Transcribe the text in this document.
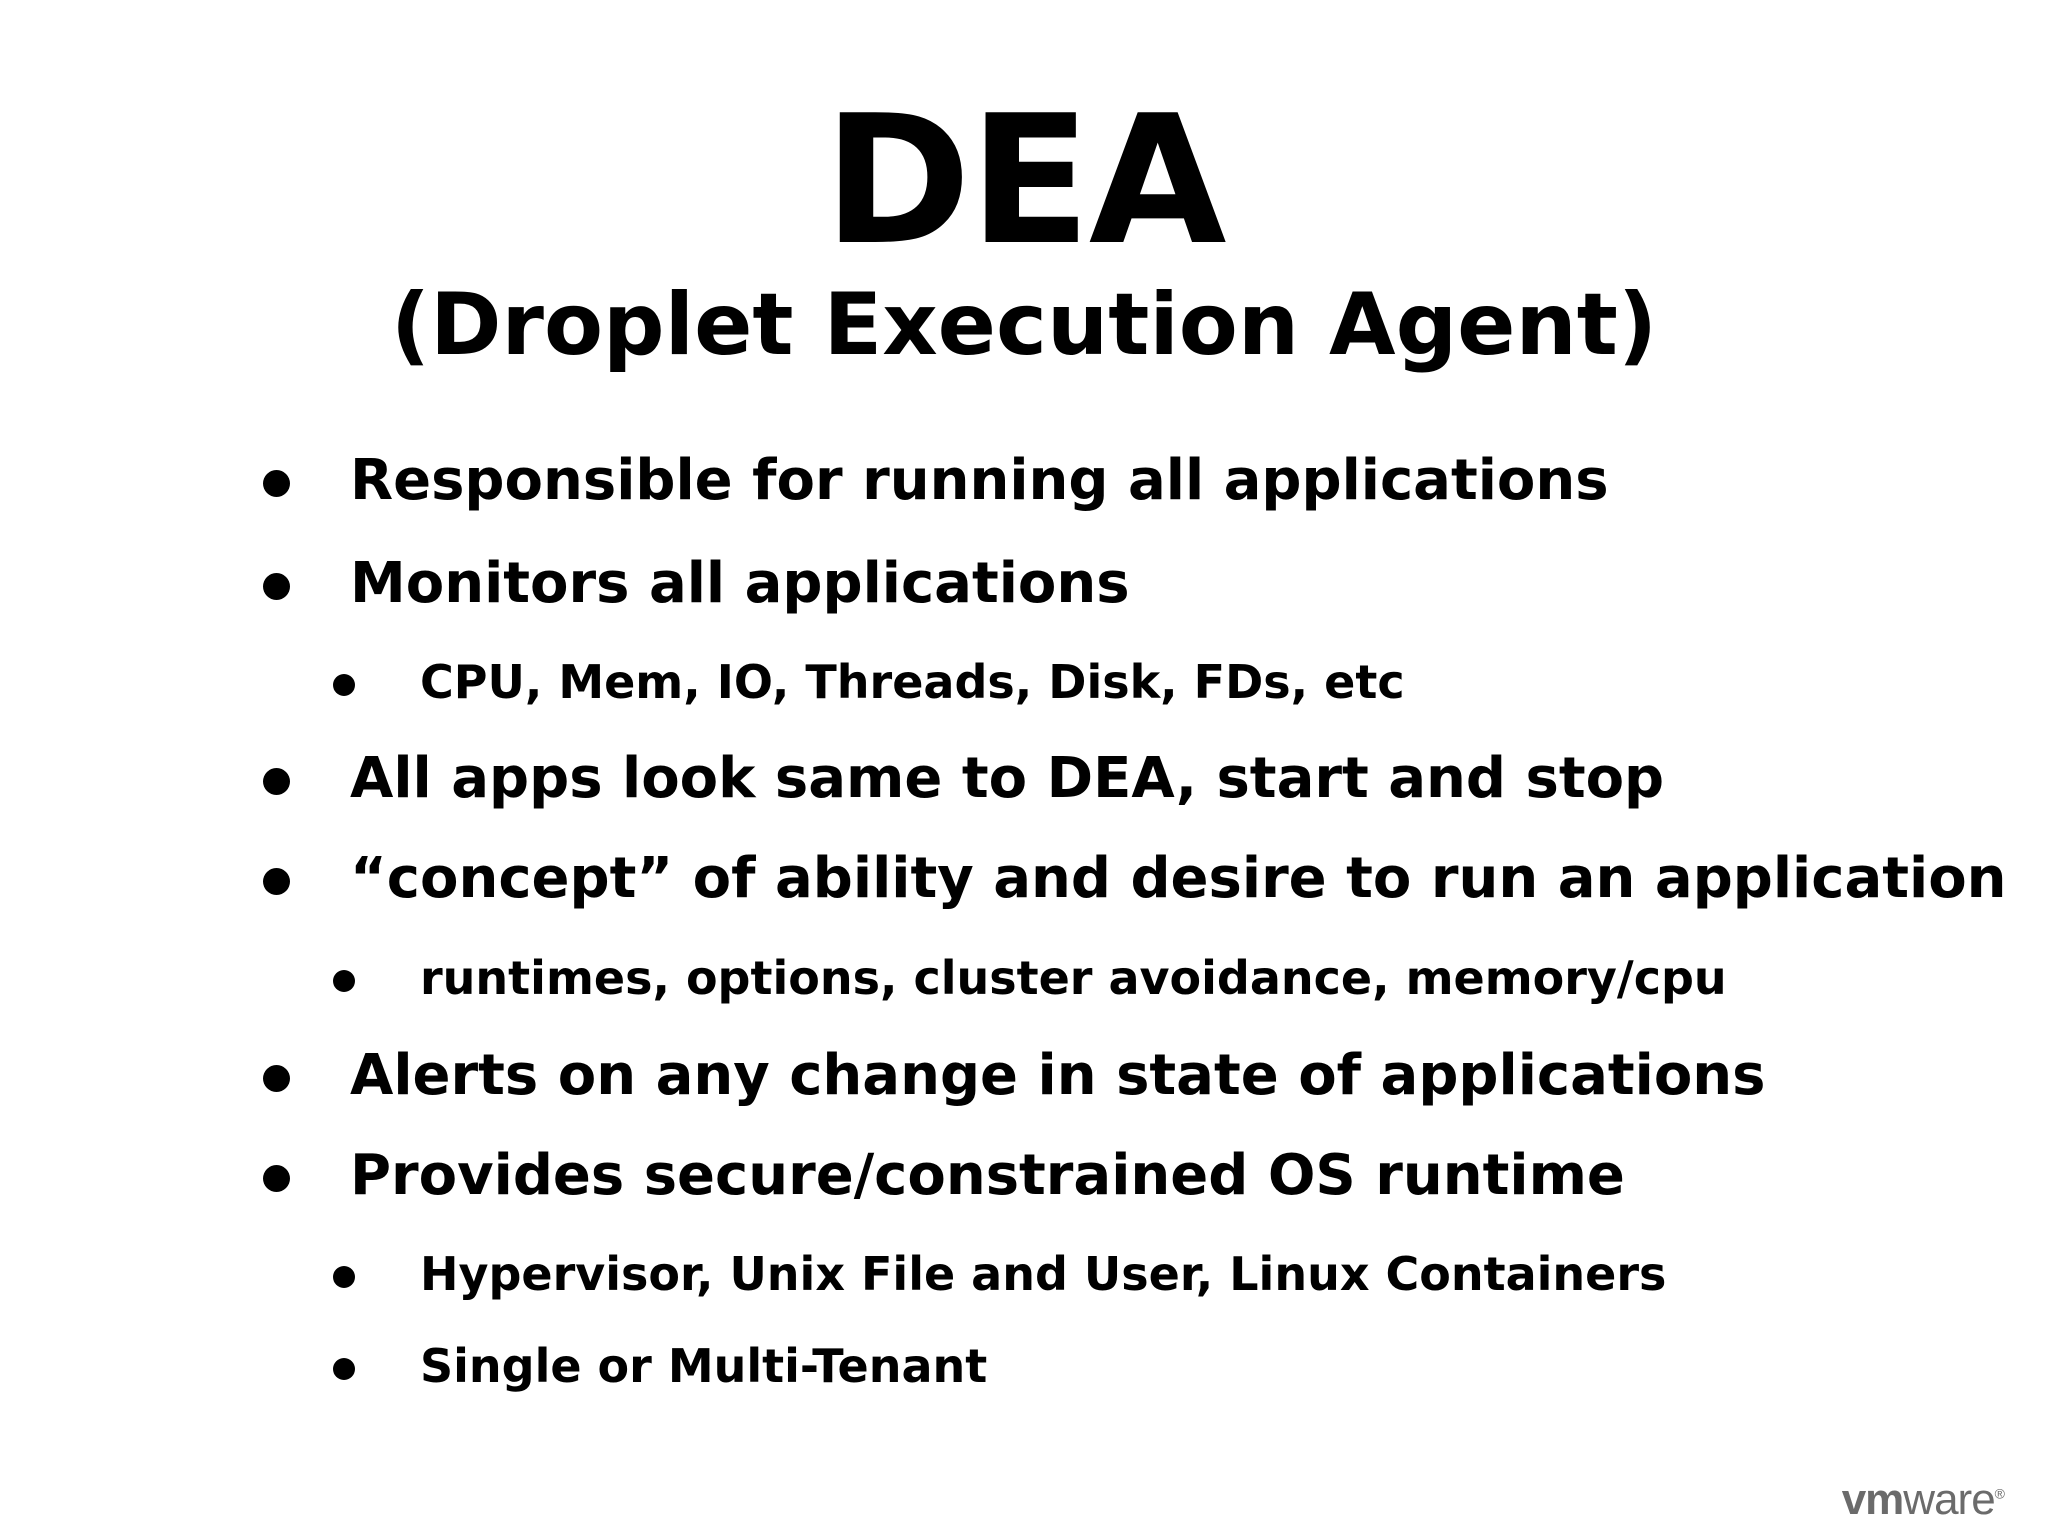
DEA
(Droplet Execution Agent)
Responsible for running all applications
Monitors all applications
CPU, Mem, IO, Threads, Disk, FDs, etc
All apps look same to DEA, start and stop
“concept” of ability and desire to run an application
runtimes, options, cluster avoidance, memory/cpu
Alerts on any change in state of applications
Provides secure/constrained OS runtime
Hypervisor, Unix File and User, Linux Containers
Single or Multi-Tenant
vmware®
